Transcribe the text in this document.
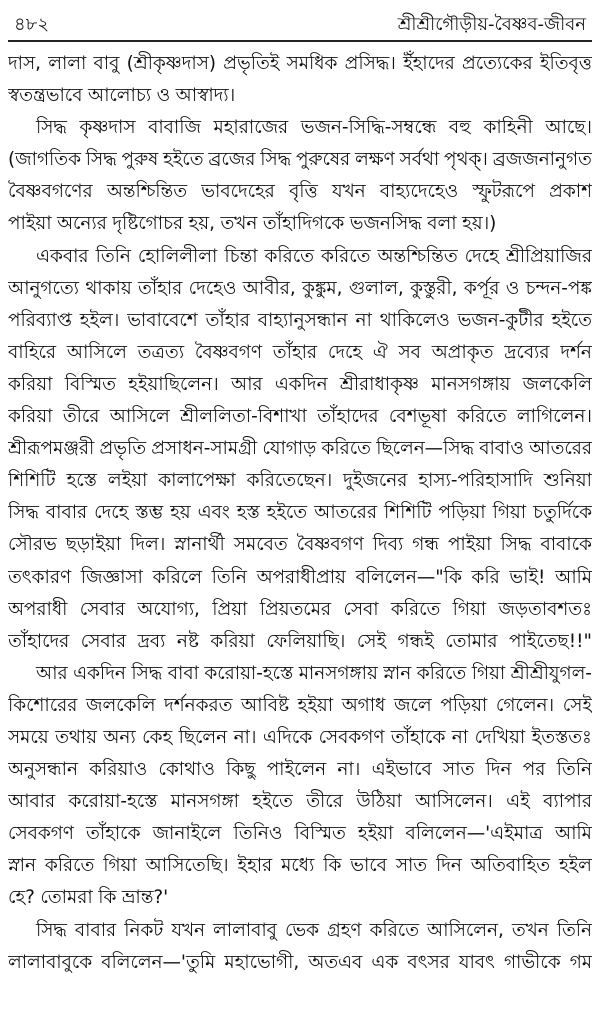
৪৮২	শ্রীশ্রীগৌড়ীয়-বৈষ্ণব-জীবন
দাস, লালা বাবু (শ্রীকৃষ্ণদাস) প্রভৃতিই সমধিক প্রসিদ্ধ। ইঁহাদের প্রত্যেকের ইতিবৃত্ত
স্বতন্ত্রভাবে আলোচ্য ও আস্বাদ্য।
সিদ্ধ কৃষ্ণদাস বাবাজি মহারাজের ভজন-সিদ্ধি-সম্বন্ধে বহু কাহিনী আছে।
(জাগতিক সিদ্ধ পুরুষ হইতে ব্রজের সিদ্ধ পুরুষের লক্ষণ সর্বথা পৃথক্। ব্রজজনানুগত
বৈষ্ণবগণের অন্তশ্চিন্তিত ভাবদেহের বৃত্তি যখন বাহ্যদেহেও স্ফুটরূপে প্রকাশ
পাইয়া অন্যের দৃষ্টিগোচর হয়, তখন তাঁহাদিগকে ভজনসিদ্ধ বলা হয়।)
একবার তিনি হোলিলীলা চিন্তা করিতে করিতে অন্তশ্চিন্তিত দেহে শ্রীপ্রিয়াজির
আনুগত্যে থাকায় তাঁহার দেহেও আবীর, কুঙ্কুম, গুলাল, কুস্তুরী, কর্পূর ও চন্দন-পঙ্ক
পরিব্যাপ্ত হইল। ভাবাবেশে তাঁহার বাহ্যানুসন্ধান না থাকিলেও ভজন-কুটীর হইতে
বাহিরে আসিলে তত্রত্য বৈষ্ণবগণ তাঁহার দেহে ঐ সব অপ্রাকৃত দ্রব্যের দর্শন
করিয়া বিস্মিত হইয়াছিলেন। আর একদিন শ্রীরাধাকৃষ্ণ মানসগঙ্গায় জলকেলি
করিয়া তীরে আসিলে শ্রীললিতা-বিশাখা তাঁহাদের বেশভূষা করিতে লাগিলেন।
শ্রীরূপমঞ্জরী প্রভৃতি প্রসাধন-সামগ্রী যোগাড় করিতে ছিলেন—সিদ্ধ বাবাও আতরের
শিশিটি হস্তে লইয়া কালাপেক্ষা করিতেছেন। দুইজনের হাস্য-পরিহাসাদি শুনিয়া
সিদ্ধ বাবার দেহে স্তম্ভ হয় এবং হস্ত হইতে আতরের শিশিটি পড়িয়া গিয়া চতুর্দিকে
সৌরভ ছড়াইয়া দিল। স্নানার্থী সমবেত বৈষ্ণবগণ দিব্য গন্ধ পাইয়া সিদ্ধ বাবাকে
তৎকারণ জিজ্ঞাসা করিলে তিনি অপরাধীপ্রায় বলিলেন—"কি করি ভাই! আমি
অপরাধী সেবার অযোগ্য, প্রিয়া প্রিয়তমের সেবা করিতে গিয়া জড়তাবশতঃ
তাঁহাদের সেবার দ্রব্য নষ্ট করিয়া ফেলিয়াছি। সেই গন্ধই তোমার পাইতেছ!!"
আর একদিন সিদ্ধ বাবা করোয়া-হস্তে মানসগঙ্গায় স্নান করিতে গিয়া শ্রীশ্রীযুগল-
কিশোরের জলকেলি দর্শনকরত আবিষ্ট হইয়া অগাধ জলে পড়িয়া গেলেন। সেই
সময়ে তথায় অন্য কেহ ছিলেন না। এদিকে সেবকগণ তাঁহাকে না দেখিয়া ইতস্ততঃ
অনুসন্ধান করিয়াও কোথাও কিছু পাইলেন না। এইভাবে সাত দিন পর তিনি
আবার করোয়া-হস্তে মানসগঙ্গা হইতে তীরে উঠিয়া আসিলেন। এই ব্যাপার
সেবকগণ তাঁহাকে জানাইলে তিনিও বিস্মিত হইয়া বলিলেন—'এইমাত্র আমি
স্নান করিতে গিয়া আসিতেছি। ইহার মধ্যে কি ভাবে সাত দিন অতিবাহিত হইল
হে? তোমরা কি ভ্রান্ত?'
সিদ্ধ বাবার নিকট যখন লালাবাবু ভেক গ্রহণ করিতে আসিলেন, তখন তিনি
লালাবাবুকে বলিলেন—'তুমি মহাভোগী, অতএব এক বৎসর যাবৎ গাভীকে গম
